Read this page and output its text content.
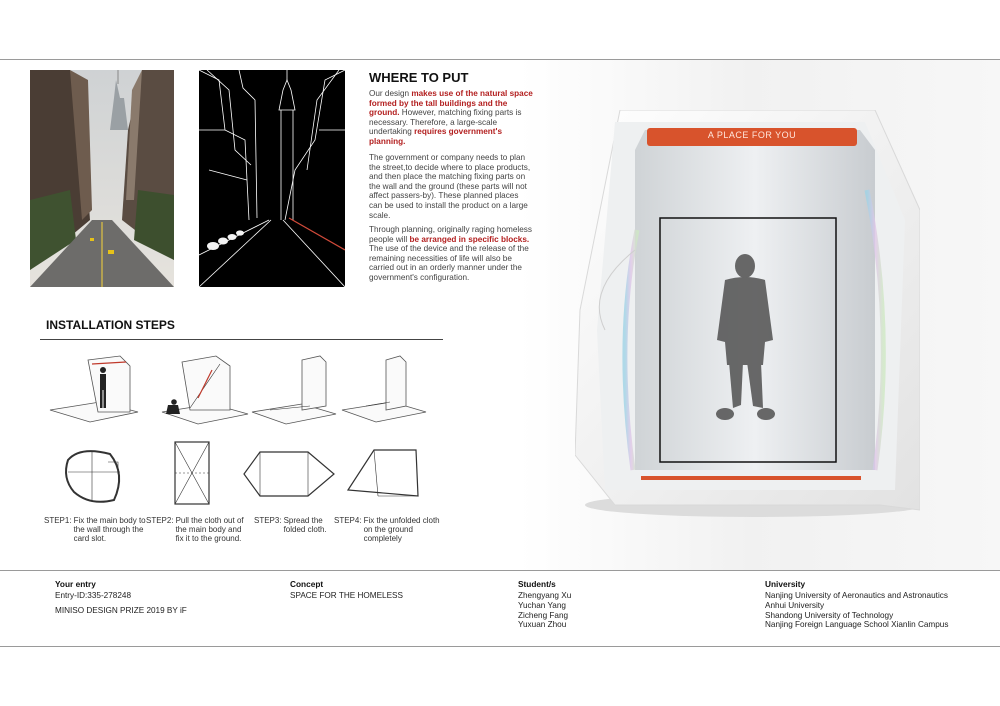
WHERE TO PUT

Our design makes use of the natural space formed by the tall buildings and the ground. However, matching fixing parts is necessary. Therefore, a large-scale undertaking requires government's planning.

The government or company needs to plan the street,to decide where to place products, and then place the matching fixing parts on the wall and the ground (these parts will not affect passers-by). These planned places can be used to install the product on a large scale.

Through planning, originally raging homeless people will be arranged in specific blocks. The use of the device and the release of the remaining necessities of life will also be carried out in an orderly manner under the government's configuration.

A PLACE FOR YOU
INSTALLATION STEPS
STEP1: Fix the main body to the wall through the card slot.
STEP2: Pull the cloth out of the main body and fix it to the ground.
STEP3: Spread the folded cloth.
STEP4: Fix the unfolded cloth on the ground completely
Your entry
Entry-ID:335-278248
MINISO DESIGN PRIZE 2019 BY iF
Concept
SPACE FOR THE HOMELESS
Student/s
Zhengyang Xu
Yuchan Yang
Zicheng Fang
Yuxuan Zhou
University
Nanjing University of Aeronautics and Astronautics
Anhui University
Shandong University of Technology
Nanjing Foreign Language School Xianlin Campus
